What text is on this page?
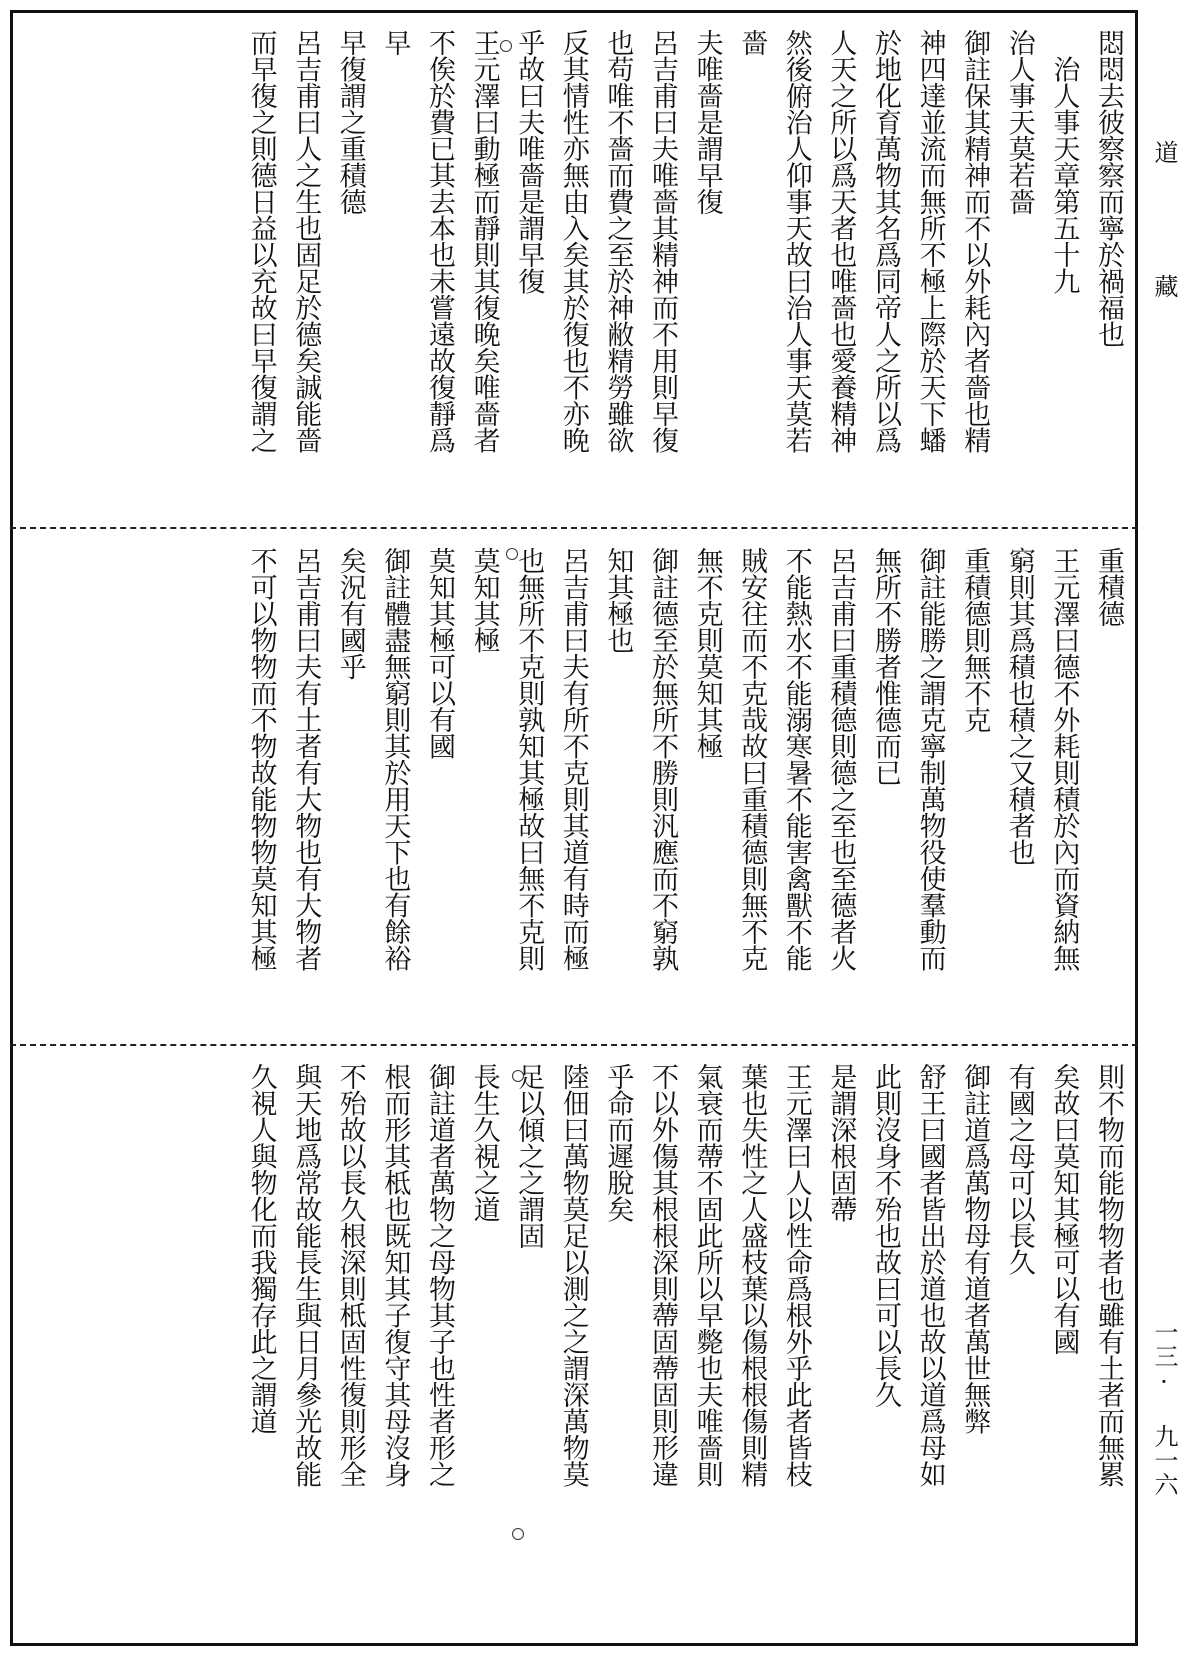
悶悶去彼察察而寧於禍福也
　治人事天章第五十九
治人事天莫若嗇
御註保其精神而不以外耗內者嗇也精
神四達並流而無所不極上際於天下蟠
於地化育萬物其名爲同帝人之所以爲
人天之所以爲天者也唯嗇也愛養精神
然後俯治人仰事天故曰治人事天莫若
嗇
夫唯嗇是謂早復
呂吉甫曰夫唯嗇其精神而不用則早復
也苟唯不嗇而費之至於神敝精勞雖欲
反其情性亦無由入矣其於復也不亦晚
乎故曰夫唯嗇是謂早復
王元澤曰動極而靜則其復晚矣唯嗇者
不俟於費已其去本也未嘗遠故復靜爲
早
早復謂之重積德
呂吉甫曰人之生也固足於德矣誠能嗇
而早復之則德日益以充故曰早復謂之
重積德
王元澤曰德不外耗則積於內而資納無
窮則其爲積也積之又積者也
重積德則無不克
御註能勝之謂克寧制萬物役使羣動而
無所不勝者惟德而已
呂吉甫曰重積德則德之至也至德者火
不能熱水不能溺寒暑不能害禽獸不能
賊安往而不克哉故曰重積德則無不克
無不克則莫知其極
御註德至於無所不勝則汎應而不窮孰
知其極也
呂吉甫曰夫有所不克則其道有時而極
也無所不克則孰知其極故曰無不克則
莫知其極
莫知其極可以有國
御註體盡無窮則其於用天下也有餘裕
矣況有國乎
呂吉甫曰夫有土者有大物也有大物者
不可以物物而不物故能物物莫知其極
則不物而能物物者也雖有土者而無累
矣故曰莫知其極可以有國
有國之母可以長久
御註道爲萬物母有道者萬世無弊
舒王曰國者皆出於道也故以道爲母如
此則沒身不殆也故曰可以長久
是謂深根固蔕
王元澤曰人以性命爲根外乎此者皆枝
葉也失性之人盛枝葉以傷根根傷則精
氣衰而蔕不固此所以早斃也夫唯嗇則
不以外傷其根根深則蔕固蔕固則形違
乎命而遲脫矣
陸佃曰萬物莫足以測之之謂深萬物莫
足以傾之之謂固
長生久視之道
御註道者萬物之母物其子也性者形之
根而形其柢也既知其子復守其母沒身
不殆故以長久根深則柢固性復則形全
與天地爲常故能長生與日月參光故能
久視人與物化而我獨存此之謂道
道藏
一三· 九一六
